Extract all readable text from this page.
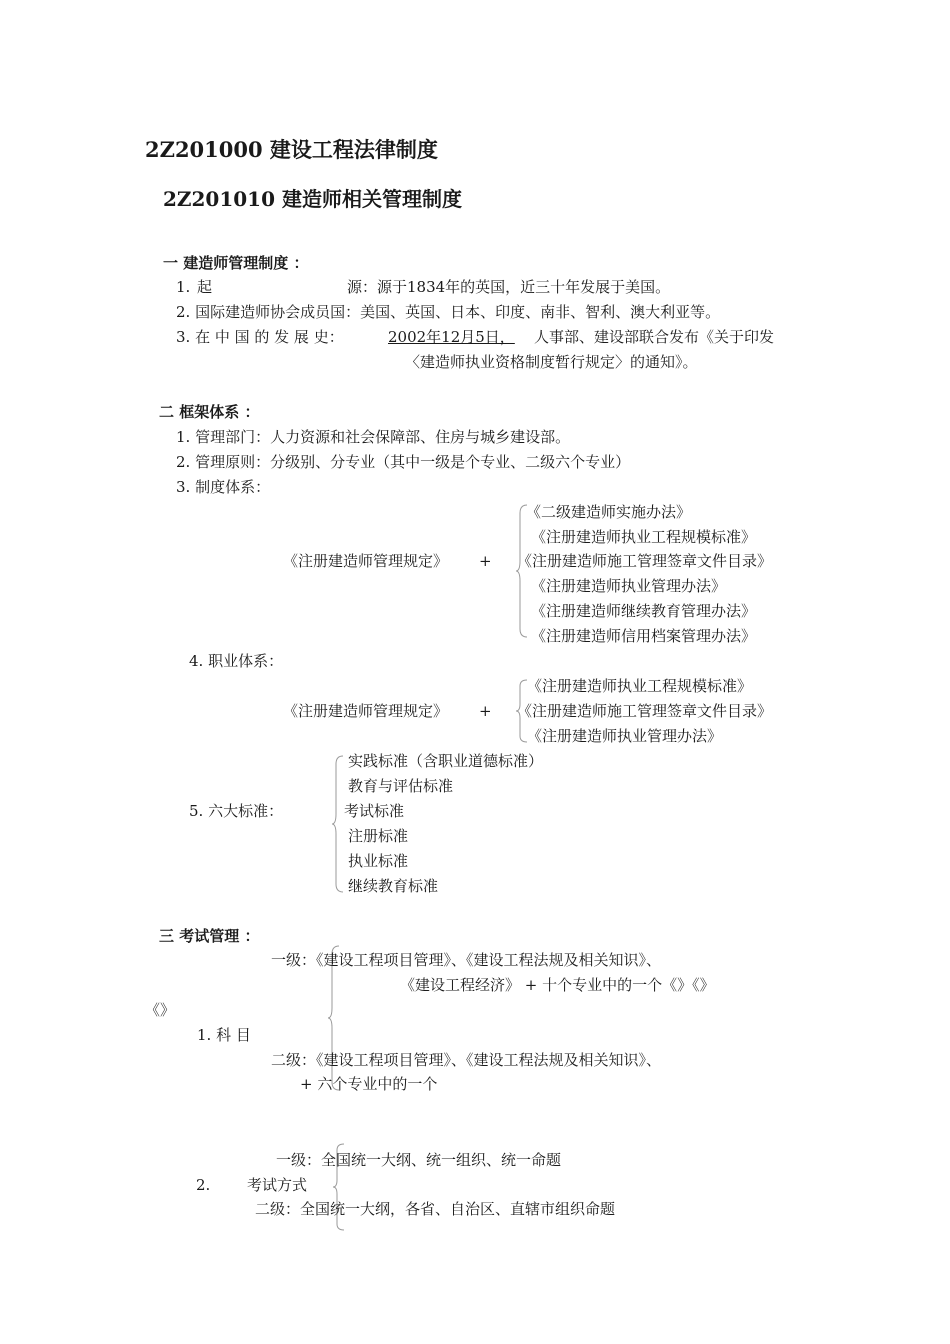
2Z201000 建设工程法律制度
2Z201010 建造师相关管理制度
一 建造师管理制度 ：
1. 起	源：源于1834年的英国，近三十年发展于美国。
2. 国际建造师协会成员国：美国、英国、日本、印度、南非、智利、澳大利亚等。
3. 在 中 国 的 发 展 史：	2002年12月5日， 人事部、建设部联合发布《关于印发
〈建造师执业资格制度暂行规定〉的通知》。
二 框架体系 ：
1. 管理部门：人力资源和社会保障部、住房与城乡建设部。
2. 管理原则：分级别、分专业（其中一级是个专业、二级六个专业）
3. 制度体系：
《注册建造师管理规定》 +
《二级建造师实施办法》
《注册建造师执业工程规模标准》
《注册建造师施工管理签章文件目录》
《注册建造师执业管理办法》
《注册建造师继续教育管理办法》
《注册建造师信用档案管理办法》
4. 职业体系：
《注册建造师管理规定》 +
《注册建造师执业工程规模标准》
《注册建造师施工管理签章文件目录》
《注册建造师执业管理办法》
5. 六大标准：
实践标准（含职业道德标准）
教育与评估标准
考试标准
注册标准
执业标准
继续教育标准
三 考试管理 ：
一级：《建设工程项目管理》、《建设工程法规及相关知识》、
《建设工程经济》 + 十个专业中的一个《》《》
《》
1. 科 目
二级：《建设工程项目管理》、《建设工程法规及相关知识》、
+ 六个专业中的一个
一级：全国统一大纲、统一组织、统一命题
2. 考试方式
二级：全国统一大纲，各省、自治区、直辖市组织命题
